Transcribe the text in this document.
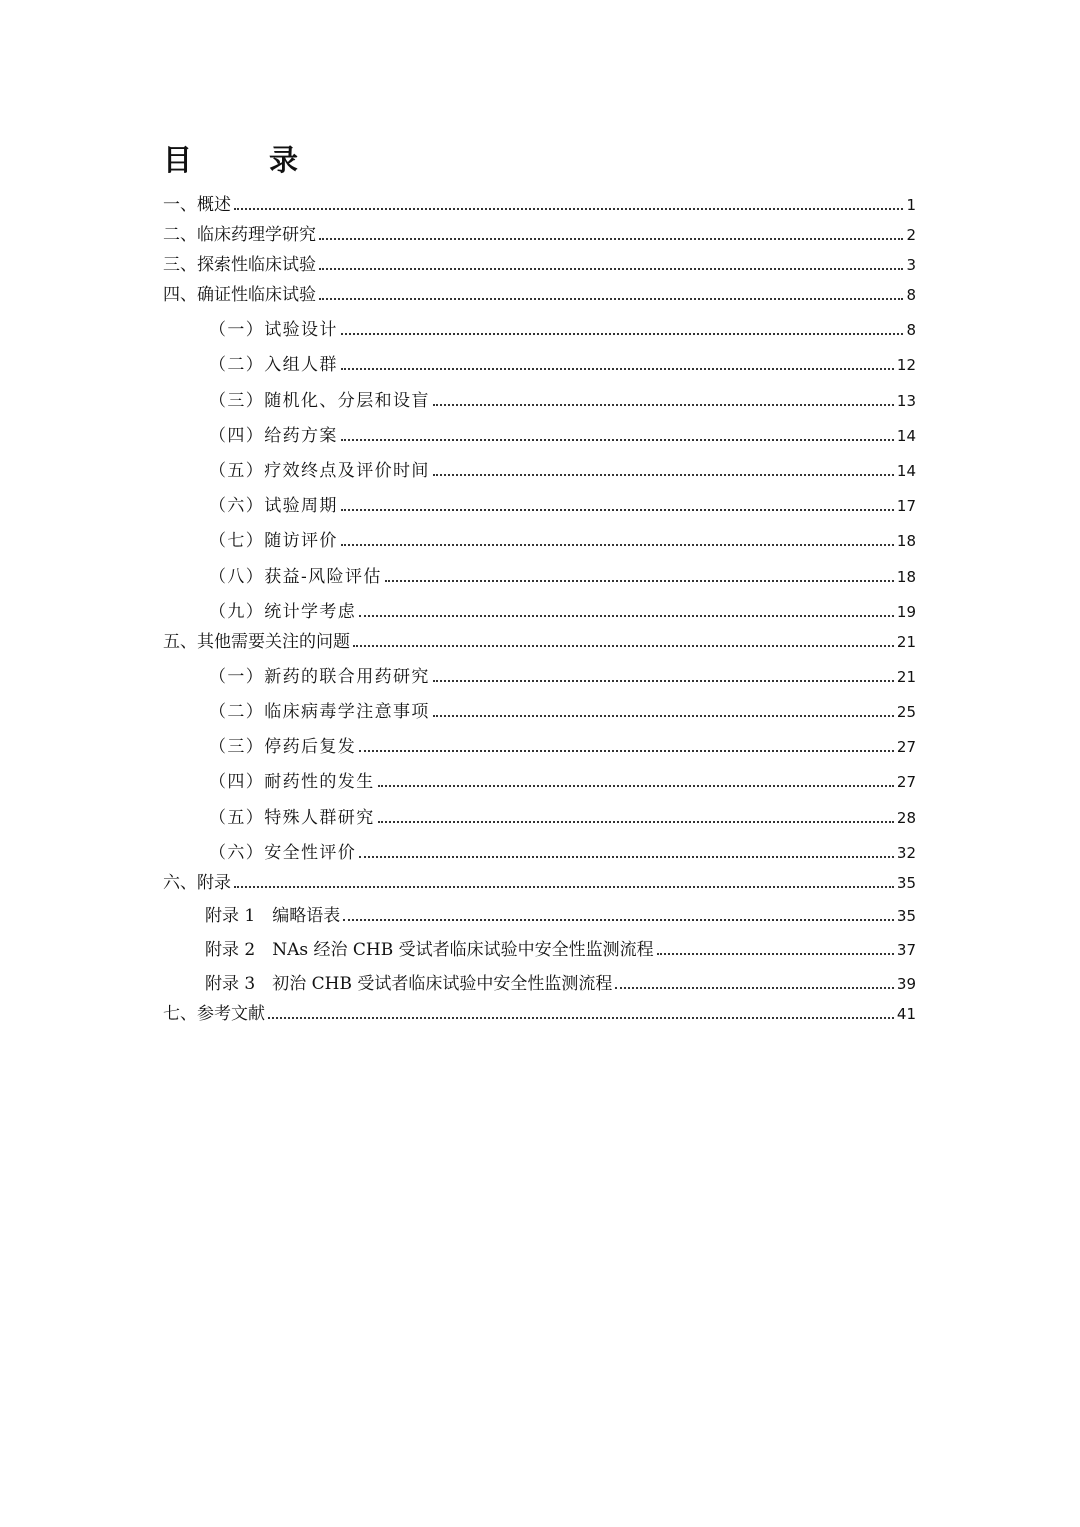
目　录
一、概述	1
二、临床药理学研究	2
三、探索性临床试验	3
四、确证性临床试验	8
（一）试验设计	8
（二）入组人群	12
（三）随机化、分层和设盲	13
（四）给药方案	14
（五）疗效终点及评价时间	14
（六）试验周期	17
（七）随访评价	18
（八）获益-风险评估	18
（九）统计学考虑	19
五、其他需要关注的问题	21
（一）新药的联合用药研究	21
（二）临床病毒学注意事项	25
（三）停药后复发	27
（四）耐药性的发生	27
（五）特殊人群研究	28
（六）安全性评价	32
六、附录	35
附录 1　编略语表	35
附录 2　NAs 经治 CHB 受试者临床试验中安全性监测流程	37
附录 3　初治 CHB 受试者临床试验中安全性监测流程	39
七、参考文献	41
